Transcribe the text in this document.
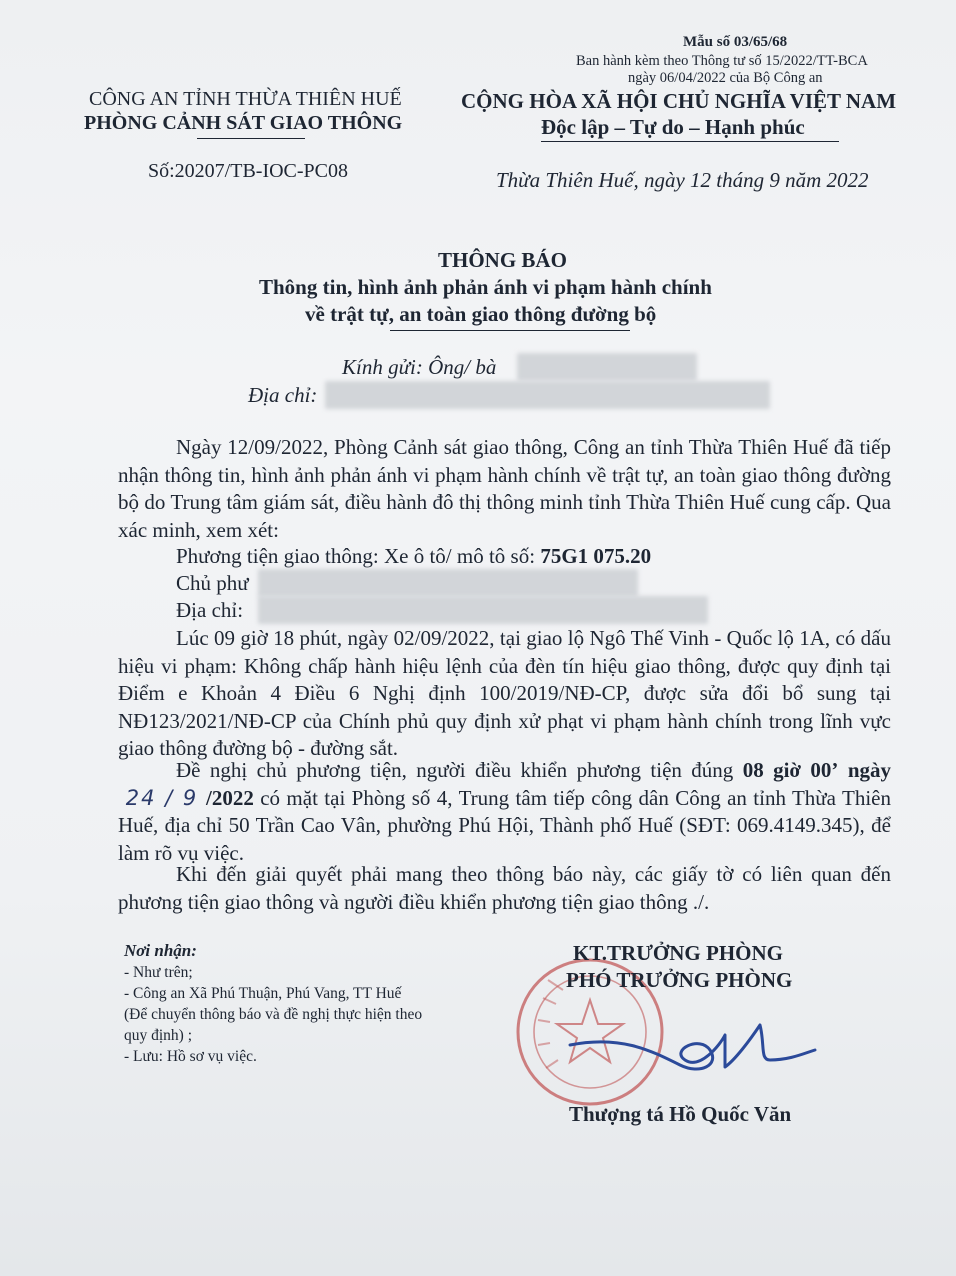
Mẫu số 03/65/68
Ban hành kèm theo Thông tư số 15/2022/TT-BCA
ngày 06/04/2022 của Bộ Công an
CÔNG AN TỈNH THỪA THIÊN HUẾ
PHÒNG CẢNH SÁT GIAO THÔNG
Số:20207/TB-IOC-PC08
CỘNG HÒA XÃ HỘI CHỦ NGHĨA VIỆT NAM
Độc lập – Tự do – Hạnh phúc
Thừa Thiên Huế, ngày 12 tháng 9 năm 2022
THÔNG BÁO
Thông tin, hình ảnh phản ánh vi phạm hành chính
về trật tự, an toàn giao thông đường bộ
Kính gửi: Ông/ bà
Địa chỉ:
Ngày 12/09/2022, Phòng Cảnh sát giao thông, Công an tỉnh Thừa Thiên Huế đã tiếp nhận thông tin, hình ảnh phản ánh vi phạm hành chính về trật tự, an toàn giao thông đường bộ do Trung tâm giám sát, điều hành đô thị thông minh tỉnh Thừa Thiên Huế cung cấp. Qua xác minh, xem xét:
Phương tiện giao thông: Xe ô tô/ mô tô số: 75G1 075.20
Chủ phư
Địa chỉ:
Lúc 09 giờ 18 phút, ngày 02/09/2022, tại giao lộ Ngô Thế Vinh - Quốc lộ 1A, có dấu hiệu vi phạm: Không chấp hành hiệu lệnh của đèn tín hiệu giao thông, được quy định tại Điểm e Khoản 4 Điều 6 Nghị định 100/2019/NĐ-CP, được sửa đổi bổ sung tại NĐ123/2021/NĐ-CP của Chính phủ quy định xử phạt vi phạm hành chính trong lĩnh vực giao thông đường bộ - đường sắt.
Đề nghị chủ phương tiện, người điều khiển phương tiện đúng 08 giờ 00’ ngày 24 / 9 /2022 có mặt tại Phòng số 4, Trung tâm tiếp công dân Công an tỉnh Thừa Thiên Huế, địa chỉ 50 Trần Cao Vân, phường Phú Hội, Thành phố Huế (SĐT: 069.4149.345), để làm rõ vụ việc.
Khi đến giải quyết phải mang theo thông báo này, các giấy tờ có liên quan đến phương tiện giao thông và người điều khiển phương tiện giao thông ./.
Nơi nhận:
- Như trên;
- Công an Xã Phú Thuận, Phú Vang, TT Huế
(Để chuyển thông báo và đề nghị thực hiện theo
quy định) ;
- Lưu: Hồ sơ vụ việc.
KT.TRƯỞNG PHÒNG
PHÓ TRƯỞNG PHÒNG
Thượng tá Hồ Quốc Văn
